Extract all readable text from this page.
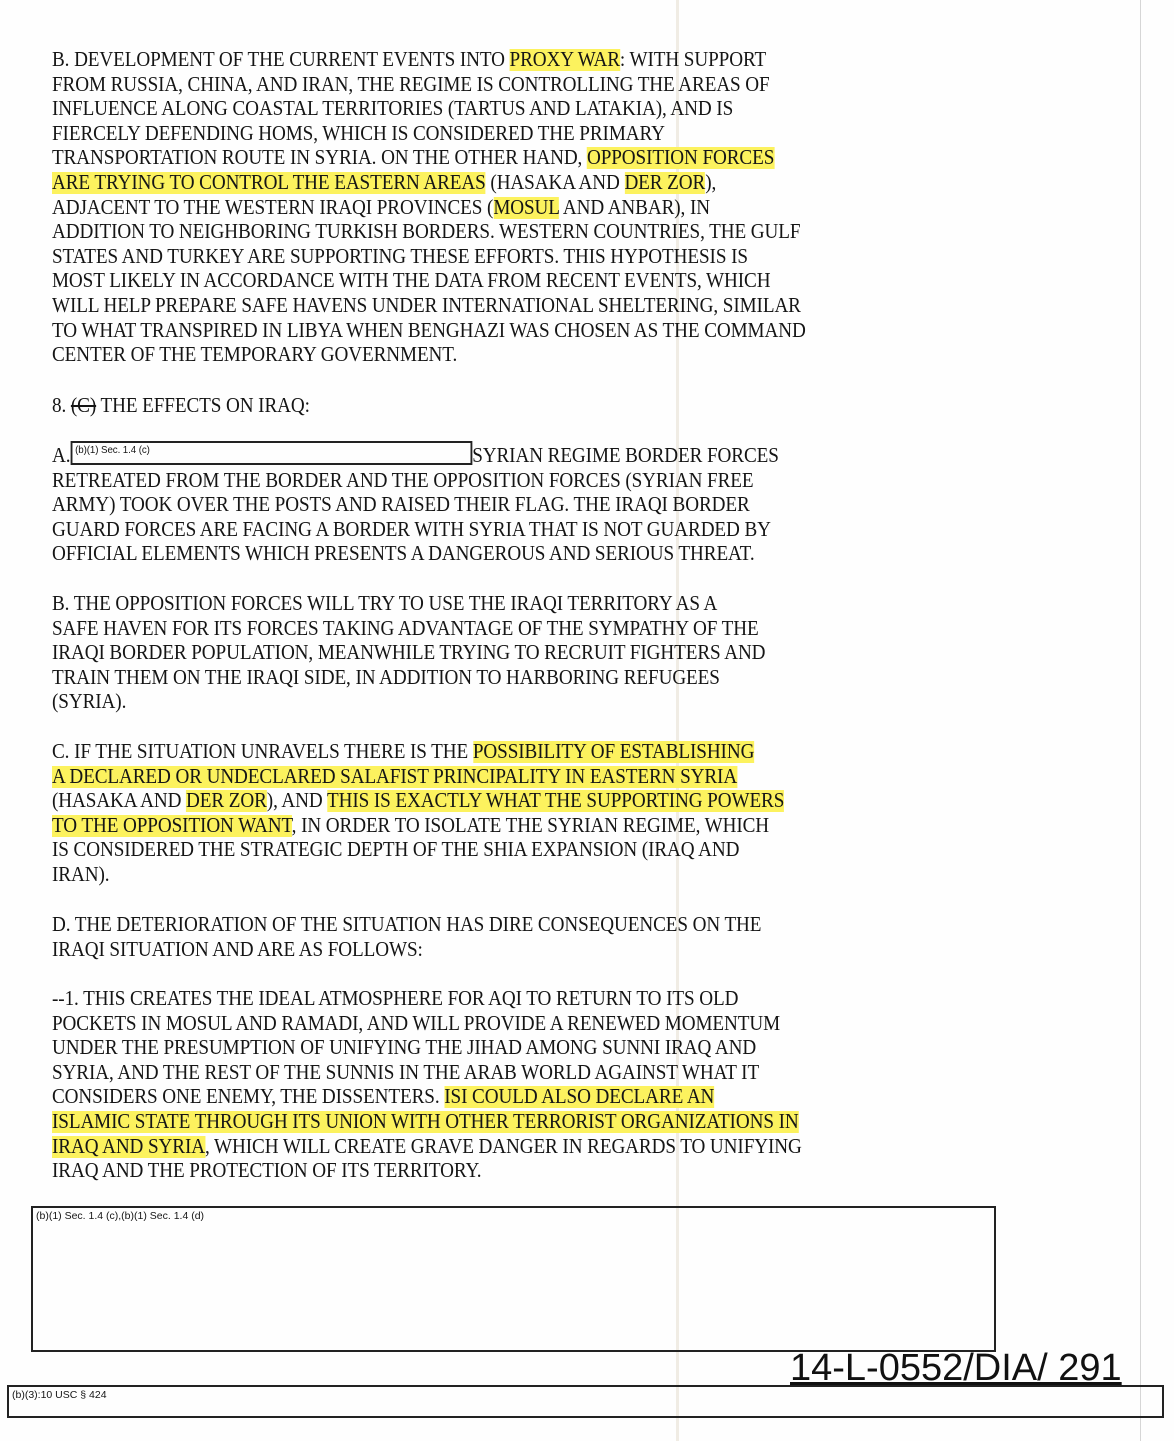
B. DEVELOPMENT OF THE CURRENT EVENTS INTO PROXY WAR: WITH SUPPORT
FROM RUSSIA, CHINA, AND IRAN, THE REGIME IS CONTROLLING THE AREAS OF
INFLUENCE ALONG COASTAL TERRITORIES (TARTUS AND LATAKIA), AND IS
FIERCELY DEFENDING HOMS, WHICH IS CONSIDERED THE PRIMARY
TRANSPORTATION ROUTE IN SYRIA. ON THE OTHER HAND, OPPOSITION FORCES
ARE TRYING TO CONTROL THE EASTERN AREAS (HASAKA AND DER ZOR),
ADJACENT TO THE WESTERN IRAQI PROVINCES (MOSUL AND ANBAR), IN
ADDITION TO NEIGHBORING TURKISH BORDERS. WESTERN COUNTRIES, THE GULF
STATES AND TURKEY ARE SUPPORTING THESE EFFORTS. THIS HYPOTHESIS IS
MOST LIKELY IN ACCORDANCE WITH THE DATA FROM RECENT EVENTS, WHICH
WILL HELP PREPARE SAFE HAVENS UNDER INTERNATIONAL SHELTERING, SIMILAR
TO WHAT TRANSPIRED IN LIBYA WHEN BENGHAZI WAS CHOSEN AS THE COMMAND
CENTER OF THE TEMPORARY GOVERNMENT.
8. (C) THE EFFECTS ON IRAQ:
A. (b)(1) Sec. 1.4 (c)	SYRIAN REGIME BORDER FORCES
RETREATED FROM THE BORDER AND THE OPPOSITION FORCES (SYRIAN FREE
ARMY) TOOK OVER THE POSTS AND RAISED THEIR FLAG. THE IRAQI BORDER
GUARD FORCES ARE FACING A BORDER WITH SYRIA THAT IS NOT GUARDED BY
OFFICIAL ELEMENTS WHICH PRESENTS A DANGEROUS AND SERIOUS THREAT.
B. THE OPPOSITION FORCES WILL TRY TO USE THE IRAQI TERRITORY AS A
SAFE HAVEN FOR ITS FORCES TAKING ADVANTAGE OF THE SYMPATHY OF THE
IRAQI BORDER POPULATION, MEANWHILE TRYING TO RECRUIT FIGHTERS AND
TRAIN THEM ON THE IRAQI SIDE, IN ADDITION TO HARBORING REFUGEES
(SYRIA).
C. IF THE SITUATION UNRAVELS THERE IS THE POSSIBILITY OF ESTABLISHING
A DECLARED OR UNDECLARED SALAFIST PRINCIPALITY IN EASTERN SYRIA
(HASAKA AND DER ZOR), AND THIS IS EXACTLY WHAT THE SUPPORTING POWERS
TO THE OPPOSITION WANT, IN ORDER TO ISOLATE THE SYRIAN REGIME, WHICH
IS CONSIDERED THE STRATEGIC DEPTH OF THE SHIA EXPANSION (IRAQ AND
IRAN).
D. THE DETERIORATION OF THE SITUATION HAS DIRE CONSEQUENCES ON THE
IRAQI SITUATION AND ARE AS FOLLOWS:
--1. THIS CREATES THE IDEAL ATMOSPHERE FOR AQI TO RETURN TO ITS OLD
POCKETS IN MOSUL AND RAMADI, AND WILL PROVIDE A RENEWED MOMENTUM
UNDER THE PRESUMPTION OF UNIFYING THE JIHAD AMONG SUNNI IRAQ AND
SYRIA, AND THE REST OF THE SUNNIS IN THE ARAB WORLD AGAINST WHAT IT
CONSIDERS ONE ENEMY, THE DISSENTERS. ISI COULD ALSO DECLARE AN
ISLAMIC STATE THROUGH ITS UNION WITH OTHER TERRORIST ORGANIZATIONS IN
IRAQ AND SYRIA, WHICH WILL CREATE GRAVE DANGER IN REGARDS TO UNIFYING
IRAQ AND THE PROTECTION OF ITS TERRITORY.
(b)(1) Sec. 1.4 (c),(b)(1) Sec. 1.4 (d)
14-L-0552/DIA/ 291
(b)(3):10 USC § 424
